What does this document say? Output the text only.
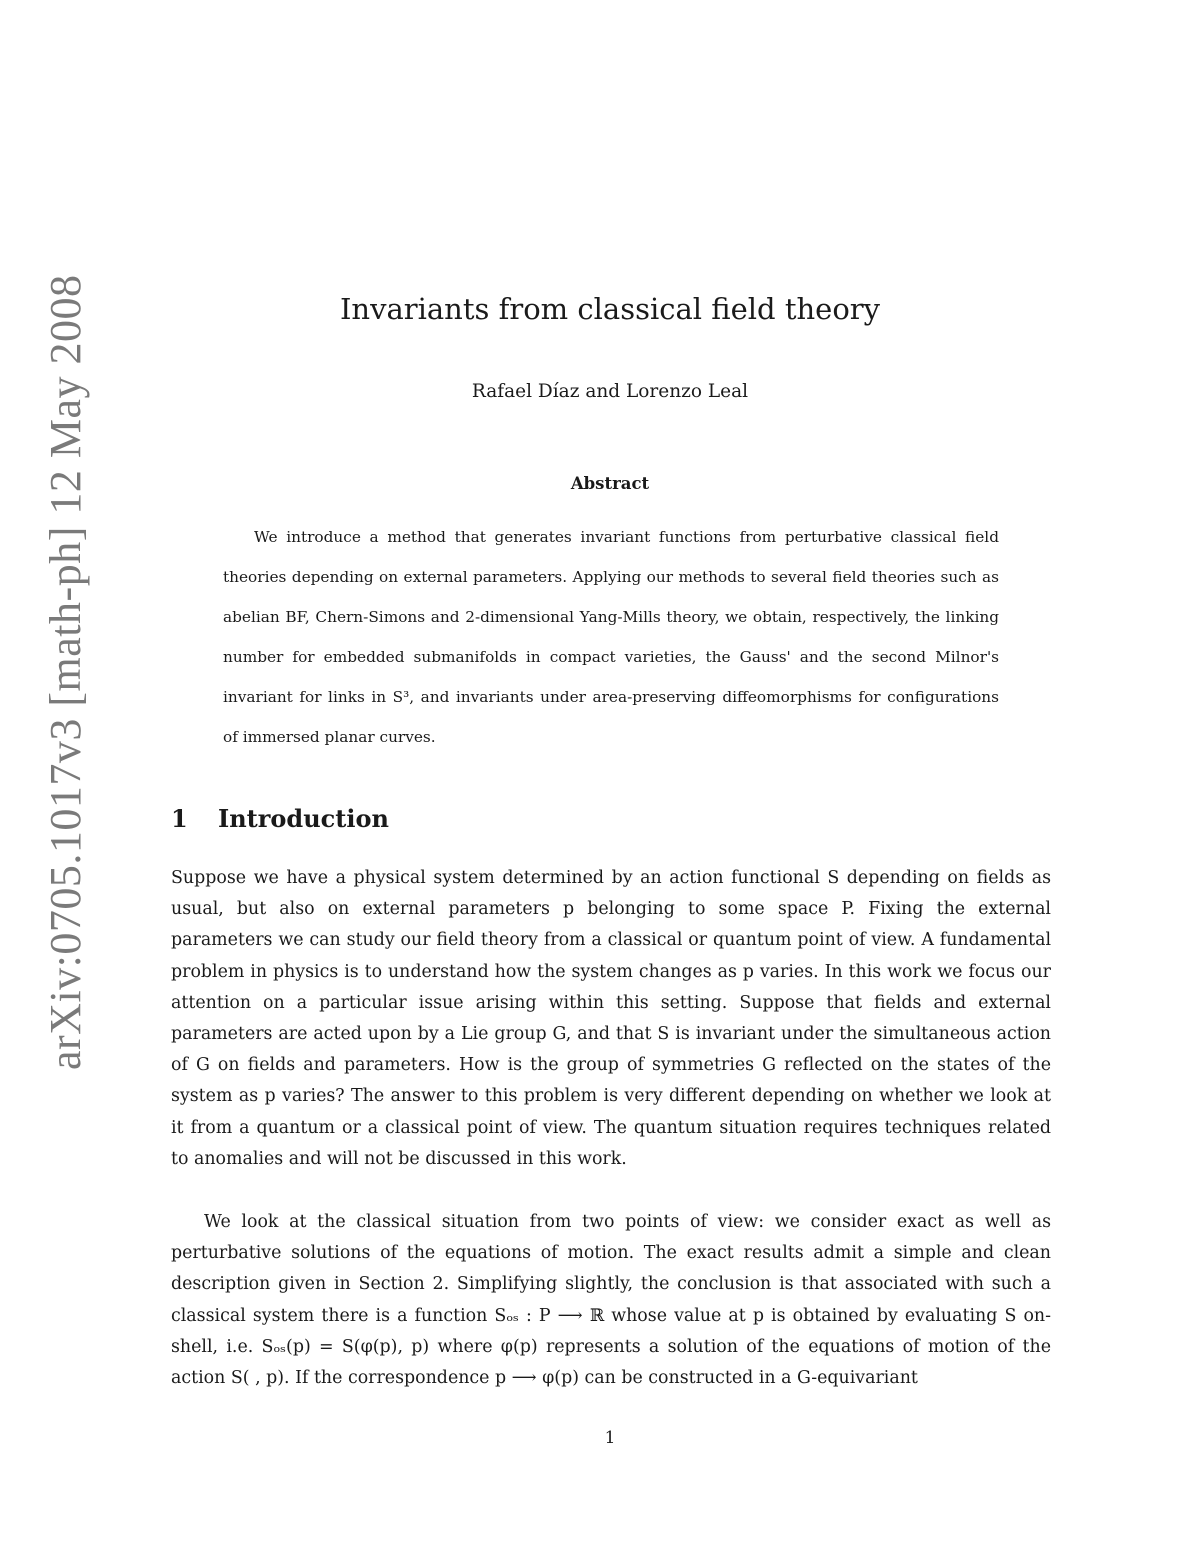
arXiv:0705.1017v3 [math-ph] 12 May 2008	Invariants from classical field theory
Rafael Díaz and Lorenzo Leal
Abstract

We introduce a method that generates invariant functions from perturbative classical field theories depending on external parameters. Applying our methods to several field theories such as abelian BF, Chern-Simons and 2-dimensional Yang-Mills theory, we obtain, respectively, the linking number for embedded submanifolds in compact varieties, the Gauss' and the second Milnor's invariant for links in S³, and invariants under area-preserving diffeomorphisms for configurations of immersed planar curves.

1 Introduction

Suppose we have a physical system determined by an action functional S depending on fields as usual, but also on external parameters p belonging to some space P. Fixing the external parameters we can study our field theory from a classical or quantum point of view. A fundamental problem in physics is to understand how the system changes as p varies. In this work we focus our attention on a particular issue arising within this setting. Suppose that fields and external parameters are acted upon by a Lie group G, and that S is invariant under the simultaneous action of G on fields and parameters. How is the group of symmetries G reflected on the states of the system as p varies? The answer to this problem is very different depending on whether we look at it from a quantum or a classical point of view. The quantum situation requires techniques related to anomalies and will not be discussed in this work.

We look at the classical situation from two points of view: we consider exact as well as perturbative solutions of the equations of motion. The exact results admit a simple and clean description given in Section 2. Simplifying slightly, the conclusion is that associated with such a classical system there is a function Sₒₛ : P ⟶ ℝ whose value at p is obtained by evaluating S on-shell, i.e. Sₒₛ(p) = S(φ(p), p) where φ(p) represents a solution of the equations of motion of the action S( , p). If the correspondence p ⟶ φ(p) can be constructed in a G-equivariant

1
